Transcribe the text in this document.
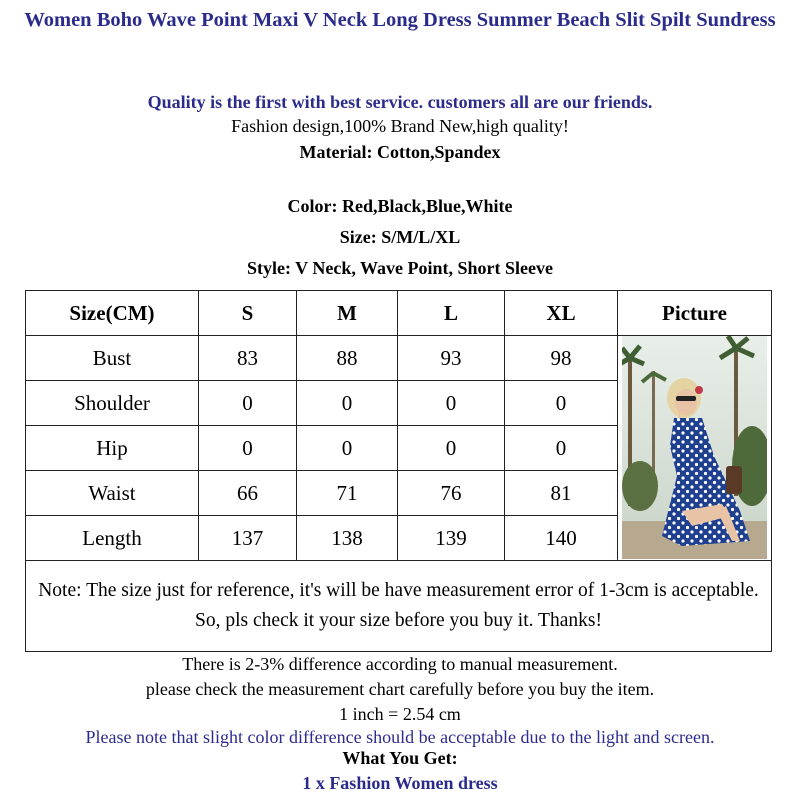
Women Boho Wave Point Maxi V Neck Long Dress Summer Beach Slit Spilt Sundress
Quality is the first with best service. customers all are our friends.
Fashion design,100% Brand New,high quality!
Material: Cotton,Spandex
Color: Red,Black,Blue,White
Size: S/M/L/XL
Style: V Neck, Wave Point, Short Sleeve
Size(CM)	S	M	L	XL	Picture
Bust	83	88	93	98	

Shoulder	0	0	0	0	
Hip	0	0	0	0	
Waist	66	71	76	81	
Length	137	138	139	140	
Note: The size just for reference, it's will be have measurement error of 1-3cm is acceptable. So, pls check it your size before you buy it. Thanks!					
There is 2-3% difference according to manual measurement.
please check the measurement chart carefully before you buy the item.
1 inch = 2.54 cm
Please note that slight color difference should be acceptable due to the light and screen.
What You Get:
1 x Fashion Women dress
